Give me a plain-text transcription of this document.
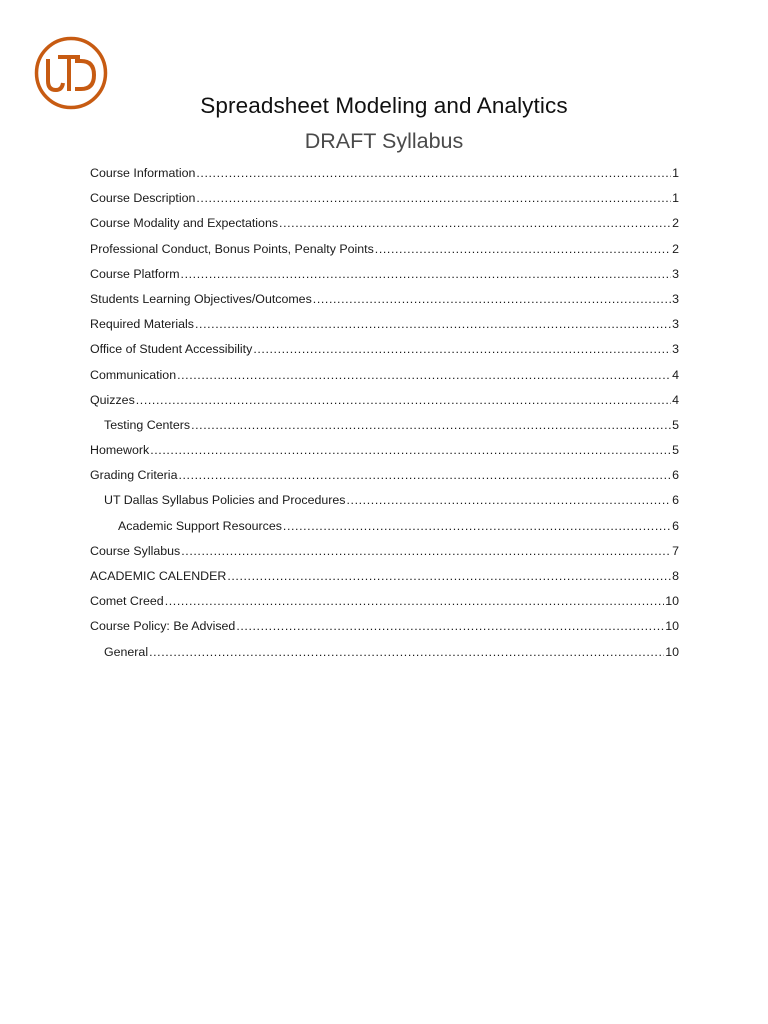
Spreadsheet Modeling and Analytics
DRAFT Syllabus
Course Information .....	1
Course Description .....	1
Course Modality and Expectations .....	2
Professional Conduct, Bonus Points, Penalty Points .....	2
Course Platform .....	3
Students Learning Objectives/Outcomes .....	3
Required Materials .....	3
Office of Student Accessibility .....	3
Communication .....	4
Quizzes .....	4
Testing Centers .....	5
Homework .....	5
Grading Criteria .....	6
UT Dallas Syllabus Policies and Procedures .....	6
Academic Support Resources .....	6
Course Syllabus .....	7
ACADEMIC CALENDER .....	8
Comet Creed .....	10
Course Policy: Be Advised .....	10
General .....	10
